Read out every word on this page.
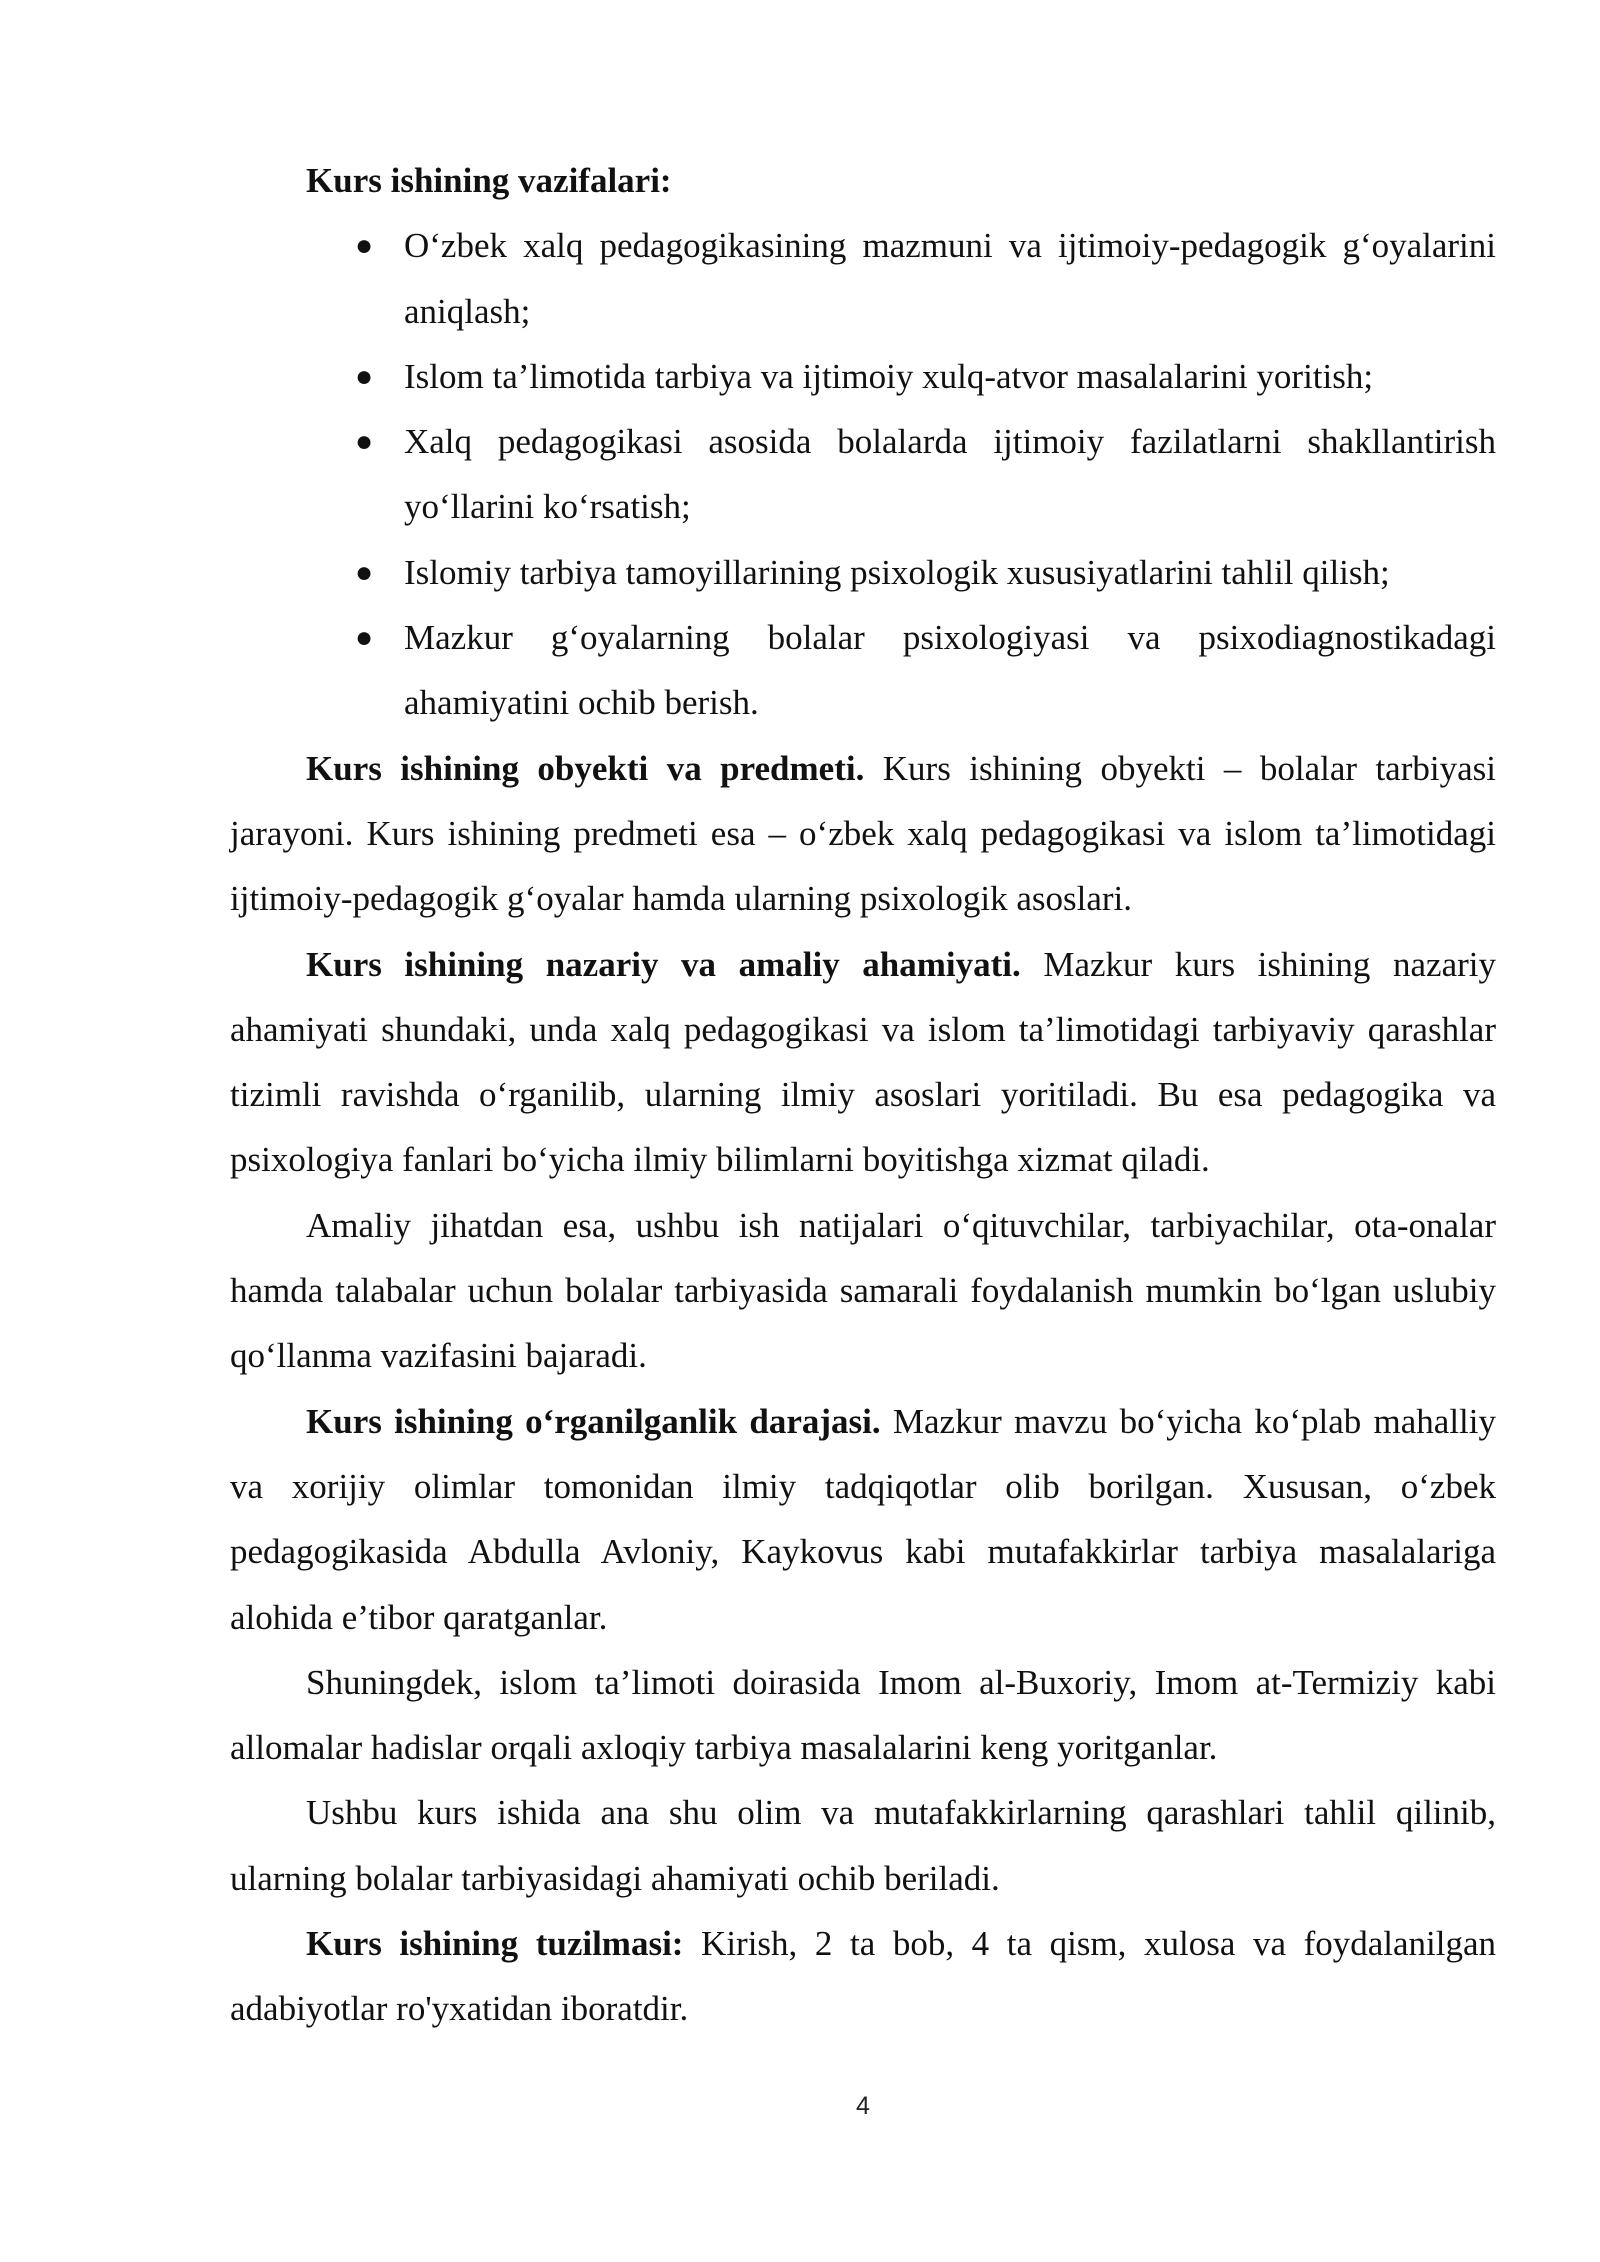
Kurs ishining vazifalari:

● O‘zbek xalq pedagogikasining mazmuni va ijtimoiy-pedagogik g‘oyalarini aniqlash;
● Islom ta’limotida tarbiya va ijtimoiy xulq-atvor masalalarini yoritish;
● Xalq pedagogikasi asosida bolalarda ijtimoiy fazilatlarni shakllantirish yo‘llarini ko‘rsatish;
● Islomiy tarbiya tamoyillarining psixologik xususiyatlarini tahlil qilish;
● Mazkur g‘oyalarning bolalar psixologiyasi va psixodiagnostikadagi ahamiyatini ochib berish.

Kurs ishining obyekti va predmeti. Kurs ishining obyekti – bolalar tarbiyasi jarayoni. Kurs ishining predmeti esa – o‘zbek xalq pedagogikasi va islom ta’limotidagi ijtimoiy-pedagogik g‘oyalar hamda ularning psixologik asoslari.

Kurs ishining nazariy va amaliy ahamiyati. Mazkur kurs ishining nazariy ahamiyati shundaki, unda xalq pedagogikasi va islom ta’limotidagi tarbiyaviy qarashlar tizimli ravishda o‘rganilib, ularning ilmiy asoslari yoritiladi. Bu esa pedagogika va psixologiya fanlari bo‘yicha ilmiy bilimlarni boyitishga xizmat qiladi.

Amaliy jihatdan esa, ushbu ish natijalari o‘qituvchilar, tarbiyachilar, ota-onalar hamda talabalar uchun bolalar tarbiyasida samarali foydalanish mumkin bo‘lgan uslubiy qo‘llanma vazifasini bajaradi.

Kurs ishining o‘rganilganlik darajasi. Mazkur mavzu bo‘yicha ko‘plab mahalliy va xorijiy olimlar tomonidan ilmiy tadqiqotlar olib borilgan. Xususan, o‘zbek pedagogikasida Abdulla Avloniy, Kaykovus kabi mutafakkirlar tarbiya masalalariga alohida e’tibor qaratganlar.

Shuningdek, islom ta’limoti doirasida Imom al-Buxoriy, Imom at-Termiziy kabi allomalar hadislar orqali axloqiy tarbiya masalalarini keng yoritganlar.

Ushbu kurs ishida ana shu olim va mutafakkirlarning qarashlari tahlil qilinib, ularning bolalar tarbiyasidagi ahamiyati ochib beriladi.

Kurs ishining tuzilmasi: Kirish, 2 ta bob, 4 ta qism, xulosa va foydalanilgan adabiyotlar ro'yxatidan iboratdir.

4
